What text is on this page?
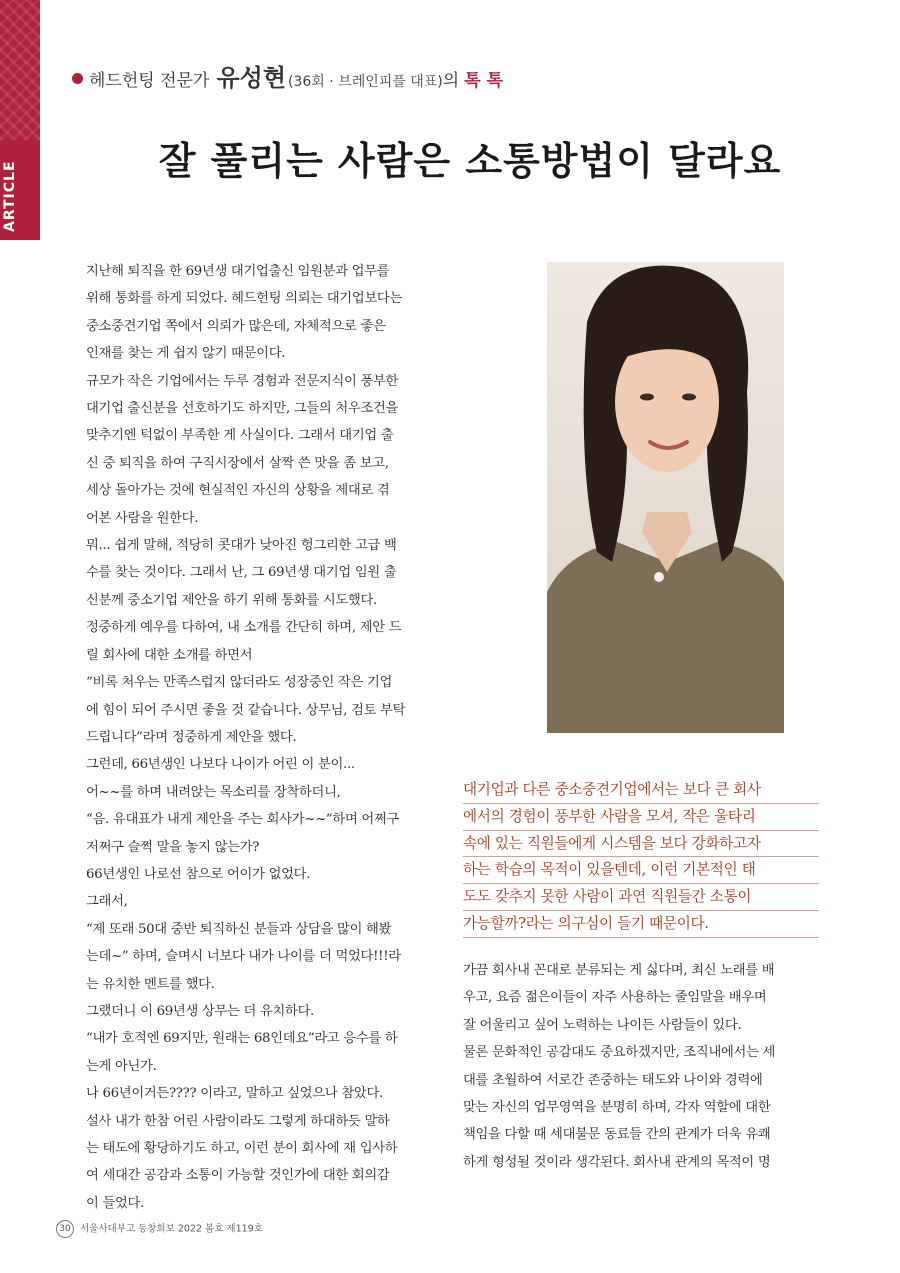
ARTICLE
헤드헌팅 전문가 유성현 (36회 · 브레인피플 대표)의 톡 톡
잘 풀리는 사람은 소통방법이 달라요

지난해 퇴직을 한 69년생 대기업출신 임원분과 업무를

위해 통화를 하게 되었다. 헤드헌팅 의뢰는 대기업보다는

중소중견기업 쪽에서 의뢰가 많은데, 자체적으로 좋은

인재를 찾는 게 쉽지 않기 때문이다.

규모가 작은 기업에서는 두루 경험과 전문지식이 풍부한

대기업 출신분을 선호하기도 하지만, 그들의 처우조건을

맞추기엔 턱없이 부족한 게 사실이다. 그래서 대기업 출

신 중 퇴직을 하여 구직시장에서 살짝 쓴 맛을 좀 보고,

세상 돌아가는 것에 현실적인 자신의 상황을 제대로 겪

어본 사람을 원한다.

뭐... 쉽게 말해, 적당히 콧대가 낮아진 헝그리한 고급 백

수를 찾는 것이다. 그래서 난, 그 69년생 대기업 임원 출

신분께 중소기업 제안을 하기 위해 통화를 시도했다.

정중하게 예우를 다하여, 내 소개를 간단히 하며, 제안 드

릴 회사에 대한 소개를 하면서

“비록 처우는 만족스럽지 않더라도 성장중인 작은 기업

에 힘이 되어 주시면 좋을 것 같습니다. 상무님, 검토 부탁

드립니다”라며 정중하게 제안을 했다.

그런데, 66년생인 나보다 나이가 어린 이 분이...

어~~를 하며 내려앉는 목소리를 장착하더니,

“음. 유대표가 내게 제안을 주는 회사가~~”하며 어쩌구

저쩌구 슬쩍 말을 놓지 않는가?

66년생인 나로선 참으로 어이가 없었다.

그래서,

“제 또래 50대 중반 퇴직하신 분들과 상담을 많이 해봤

는데~” 하며, 슬며시 너보다 내가 나이를 더 먹었다!!!라

는 유치한 멘트를 했다.

그랬더니 이 69년생 상무는 더 유치하다.

“내가 호적엔 69지만, 원래는 68인데요”라고 응수를 하

는게 아닌가.

나 66년이거든???? 이라고, 말하고 싶었으나 참았다.

설사 내가 한참 어린 사람이라도 그렇게 하대하듯 말하

는 태도에 황당하기도 하고, 이런 분이 회사에 재 입사하

여 세대간 공감과 소통이 가능할 것인가에 대한 회의감

이 들었다.

대기업과 다른 중소중견기업에서는 보다 큰 회사

에서의 경험이 풍부한 사람을 모셔, 작은 울타리

속에 있는 직원들에게 시스템을 보다 강화하고자

하는 학습의 목적이 있을텐데, 이런 기본적인 태

도도 갖추지 못한 사람이 과연 직원들간 소통이

가능할까?라는 의구심이 들기 때문이다.

가끔 회사내 꼰대로 분류되는 게 싫다며, 최신 노래를 배

우고, 요즘 젊은이들이 자주 사용하는 줄임말을 배우며

잘 어울리고 싶어 노력하는 나이든 사람들이 있다.

물론 문화적인 공감대도 중요하겠지만, 조직내에서는 세

대를 초월하여 서로간 존중하는 태도와 나이와 경력에

맞는 자신의 업무영역을 분명히 하며, 각자 역할에 대한

책임을 다할 때 세대불문 동료들 간의 관계가 더욱 유쾌

하게 형성될 것이라 생각된다. 회사내 관계의 목적이 명

30 서울사대부고 동창회보 2022 봄호 제119호
